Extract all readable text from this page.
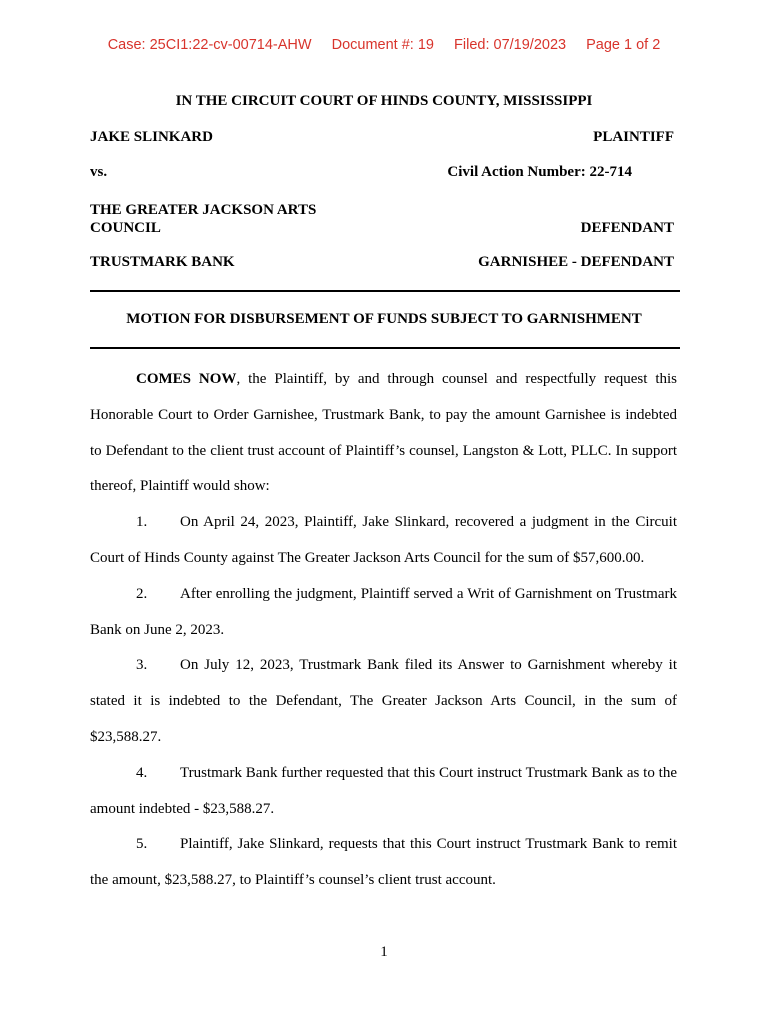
Case: 25CI1:22-cv-00714-AHW Document #: 19 Filed: 07/19/2023 Page 1 of 2
IN THE CIRCUIT COURT OF HINDS COUNTY, MISSISSIPPI
JAKE SLINKARD	PLAINTIFF
vs.	Civil Action Number: 22-714
THE GREATER JACKSON ARTS
COUNCIL	DEFENDANT
TRUSTMARK BANK	GARNISHEE - DEFENDANT
MOTION FOR DISBURSEMENT OF FUNDS SUBJECT TO GARNISHMENT

COMES NOW, the Plaintiff, by and through counsel and respectfully request this Honorable Court to Order Garnishee, Trustmark Bank, to pay the amount Garnishee is indebted to Defendant to the client trust account of Plaintiff’s counsel, Langston & Lott, PLLC. In support thereof, Plaintiff would show:

1. On April 24, 2023, Plaintiff, Jake Slinkard, recovered a judgment in the Circuit Court of Hinds County against The Greater Jackson Arts Council for the sum of $57,600.00.

2. After enrolling the judgment, Plaintiff served a Writ of Garnishment on Trustmark Bank on June 2, 2023.

3. On July 12, 2023, Trustmark Bank filed its Answer to Garnishment whereby it stated it is indebted to the Defendant, The Greater Jackson Arts Council, in the sum of $23,588.27.

4. Trustmark Bank further requested that this Court instruct Trustmark Bank as to the amount indebted - $23,588.27.

5. Plaintiff, Jake Slinkard, requests that this Court instruct Trustmark Bank to remit the amount, $23,588.27, to Plaintiff’s counsel’s client trust account.

1
